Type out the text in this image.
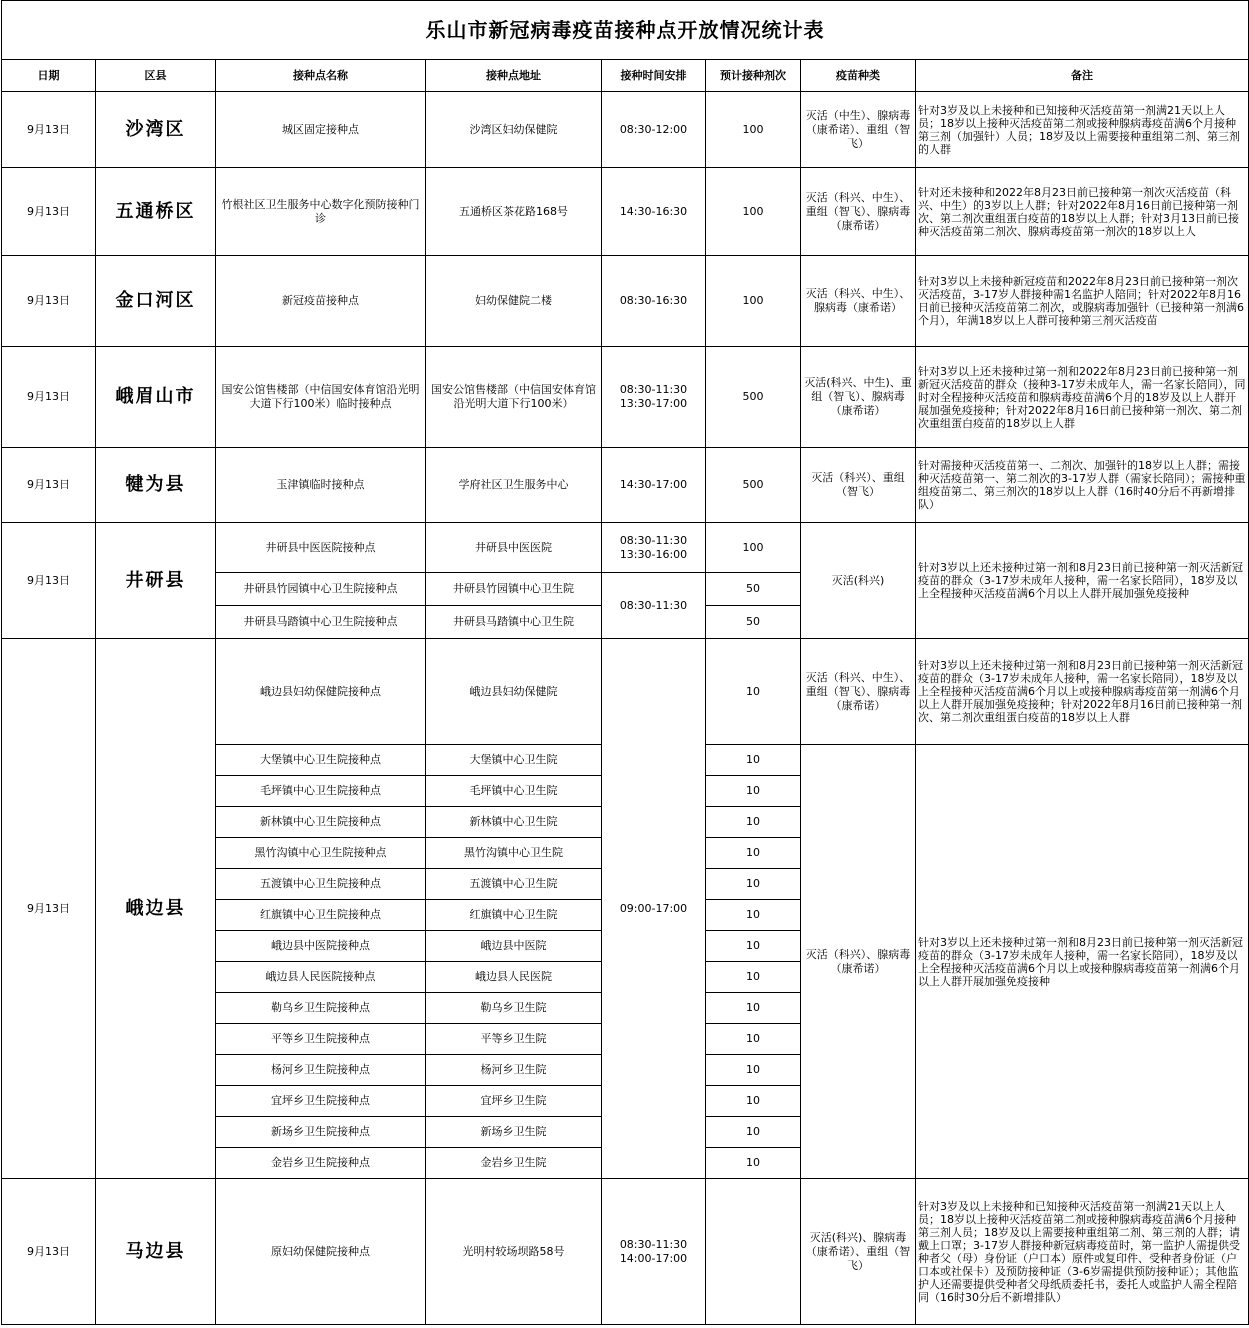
乐山市新冠病毒疫苗接种点开放情况统计表							
日期	区县	接种点名称	接种点地址	接种时间安排	预计接种剂次	疫苗种类	备注
9月13日	沙湾区	城区固定接种点	沙湾区妇幼保健院	08:30-12:00	100	灭活（中生）、腺病毒（康希诺）、重组（智飞）	针对3岁及以上未接种和已知接种灭活疫苗第一剂满21天以上人员；18岁以上接种灭活疫苗第二剂或接种腺病毒疫苗满6个月接种第三剂（加强针）人员；18岁及以上需要接种重组第二剂、第三剂的人群
9月13日	五通桥区	竹根社区卫生服务中心数字化预防接种门诊	五通桥区茶花路168号	14:30-16:30	100	灭活（科兴、中生）、重组（智飞）、腺病毒（康希诺）	针对还未接种和2022年8月23日前已接种第一剂次灭活疫苗（科兴、中生）的3岁以上人群；针对2022年8月16日前已接种第一剂次、第二剂次重组蛋白疫苗的18岁以上人群；针对3月13日前已接种灭活疫苗第二剂次、腺病毒疫苗第一剂次的18岁以上人
9月13日	金口河区	新冠疫苗接种点	妇幼保健院二楼	08:30-16:30	100	灭活（科兴、中生）、腺病毒（康希诺）	针对3岁以上未接种新冠疫苗和2022年8月23日前已接种第一剂次灭活疫苗，3-17岁人群接种需1名监护人陪同；针对2022年8月16日前已接种灭活疫苗第二剂次，或腺病毒加强针（已接种第一剂满6个月），年满18岁以上人群可接种第三剂灭活疫苗
9月13日	峨眉山市	国安公馆售楼部（中信国安体育馆沿光明大道下行100米）临时接种点	国安公馆售楼部（中信国安体育馆沿光明大道下行100米）	08:30-11:30
13:30-17:00	500	灭活(科兴、中生)、重组（智飞）、腺病毒（康希诺）	针对3岁以上还未接种过第一剂和2022年8月23日前已接种第一剂新冠灭活疫苗的群众（接种3-17岁未成年人，需一名家长陪同），同时对全程接种灭活疫苗和腺病毒疫苗满6个月的18岁及以上人群开展加强免疫接种；针对2022年8月16日前已接种第一剂次、第二剂次重组蛋白疫苗的18岁以上人群
9月13日	犍为县	玉津镇临时接种点	学府社区卫生服务中心	14:30-17:00	500	灭活（科兴）、重组（智飞）	针对需接种灭活疫苗第一、二剂次、加强针的18岁以上人群；需接种灭活疫苗第一、第二剂次的3-17岁人群（需家长陪同）；需接种重组疫苗第二、第三剂次的18岁以上人群（16时40分后不再新增排队）
9月13日	井研县	井研县中医医院接种点	井研县中医医院	08:30-11:30
13:30-16:00	100	灭活(科兴)	针对3岁以上还未接种过第一剂和8月23日前已接种第一剂灭活新冠疫苗的群众（3-17岁未成年人接种，需一名家长陪同），18岁及以上全程接种灭活疫苗满6个月以上人群开展加强免疫接种
		井研县竹园镇中心卫生院接种点	井研县竹园镇中心卫生院	08:30-11:30	50		
		井研县马踏镇中心卫生院接种点	井研县马踏镇中心卫生院		50		
9月13日	峨边县	峨边县妇幼保健院接种点	峨边县妇幼保健院	09:00-17:00	10	灭活（科兴、中生）、重组（智飞）、腺病毒（康希诺）	针对3岁以上还未接种过第一剂和8月23日前已接种第一剂灭活新冠疫苗的群众（3-17岁未成年人接种，需一名家长陪同），18岁及以上全程接种灭活疫苗满6个月以上或接种腺病毒疫苗第一剂满6个月以上人群开展加强免疫接种；针对2022年8月16日前已接种第一剂次、第二剂次重组蛋白疫苗的18岁以上人群
		大堡镇中心卫生院接种点	大堡镇中心卫生院		10	灭活（科兴）、腺病毒（康希诺）	针对3岁以上还未接种过第一剂和8月23日前已接种第一剂灭活新冠疫苗的群众（3-17岁未成年人接种，需一名家长陪同），18岁及以上全程接种灭活疫苗满6个月以上或接种腺病毒疫苗第一剂满6个月以上人群开展加强免疫接种
		毛坪镇中心卫生院接种点	毛坪镇中心卫生院		10		
		新林镇中心卫生院接种点	新林镇中心卫生院		10		
		黑竹沟镇中心卫生院接种点	黑竹沟镇中心卫生院		10		
		五渡镇中心卫生院接种点	五渡镇中心卫生院		10		
		红旗镇中心卫生院接种点	红旗镇中心卫生院		10		
		峨边县中医院接种点	峨边县中医院		10		
		峨边县人民医院接种点	峨边县人民医院		10		
		勒乌乡卫生院接种点	勒乌乡卫生院		10		
		平等乡卫生院接种点	平等乡卫生院		10		
		杨河乡卫生院接种点	杨河乡卫生院		10		
		宜坪乡卫生院接种点	宜坪乡卫生院		10		
		新场乡卫生院接种点	新场乡卫生院		10		
		金岩乡卫生院接种点	金岩乡卫生院		10		
9月13日	马边县	原妇幼保健院接种点	光明村较场坝路58号	08:30-11:30
14:00-17:00		灭活(科兴)、腺病毒（康希诺）、重组（智飞）	针对3岁及以上未接种和已知接种灭活疫苗第一剂满21天以上人员；18岁以上接种灭活疫苗第二剂或接种腺病毒疫苗满6个月接种第三剂人员；18岁及以上需要接种重组第二剂、第三剂的人群；请戴上口罩；3-17岁人群接种新冠病毒疫苗时，第一监护人需提供受种者父（母）身份证（户口本）原件或复印件、受种者身份证（户口本或社保卡）及预防接种证（3-6岁需提供预防接种证）；其他监护人还需要提供受种者父母纸质委托书，委托人或监护人需全程陪同（16时30分后不新增排队）
